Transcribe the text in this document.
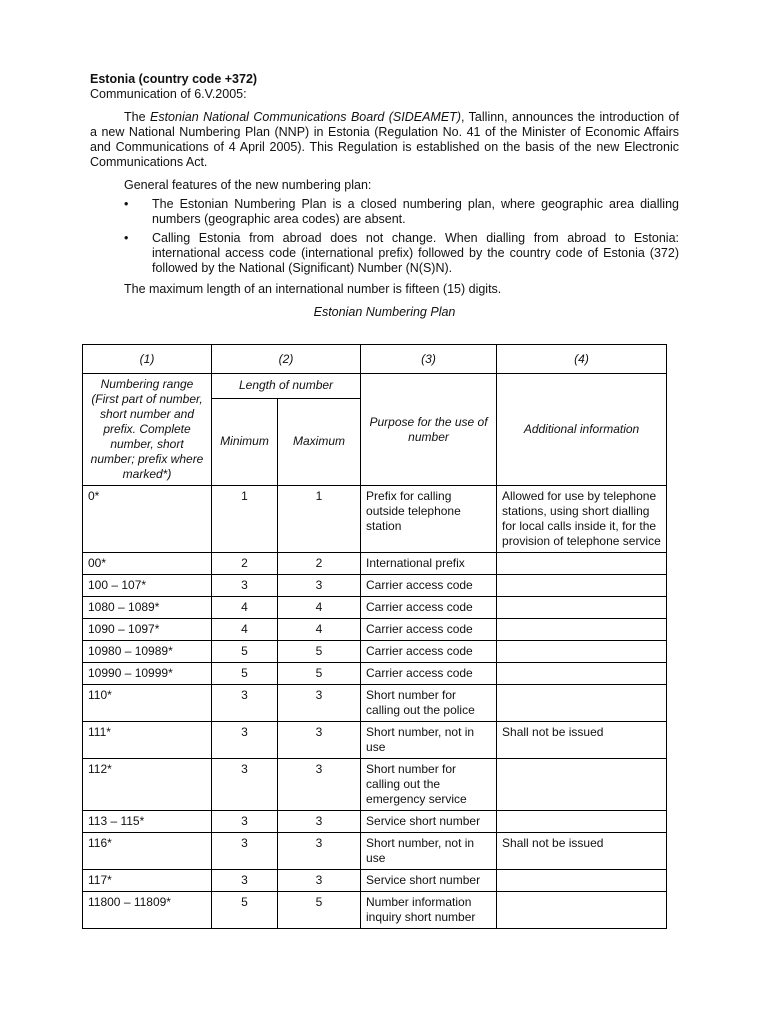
Estonia (country code +372)

Communication of 6.V.2005:

The Estonian National Communications Board (SIDEAMET), Tallinn, announces the introduction of a new National Numbering Plan (NNP) in Estonia (Regulation No. 41 of the Minister of Economic Affairs and Communications of 4 April 2005). This Regulation is established on the basis of the new Electronic Communications Act.

General features of the new numbering plan:

• The Estonian Numbering Plan is a closed numbering plan, where geographic area dialling numbers (geographic area codes) are absent.
• Calling Estonia from abroad does not change. When dialling from abroad to Estonia: international access code (international prefix) followed by the country code of Estonia (372) followed by the National (Significant) Number (N(S)N).

The maximum length of an international number is fifteen (15) digits.

Estonian Numbering Plan

(1)	(2)		(3)	(4)
Numbering range (First part of number, short number and prefix. Complete number, short number; prefix where marked*)	Length of number		Purpose for the use of number	Additional information
	Minimum	Maximum		
0*	1	1	Prefix for calling outside telephone station	Allowed for use by telephone stations, using short dialling for local calls inside it, for the provision of telephone service
00*	2	2	International prefix	
100 – 107*	3	3	Carrier access code	
1080 – 1089*	4	4	Carrier access code	
1090 – 1097*	4	4	Carrier access code	
10980 – 10989*	5	5	Carrier access code	
10990 – 10999*	5	5	Carrier access code	
110*	3	3	Short number for calling out the police	
111*	3	3	Short number, not in use	Shall not be issued
112*	3	3	Short number for calling out the emergency service	
113 – 115*	3	3	Service short number	
116*	3	3	Short number, not in use	Shall not be issued
117*	3	3	Service short number	
11800 – 11809*	5	5	Number information inquiry short number	
